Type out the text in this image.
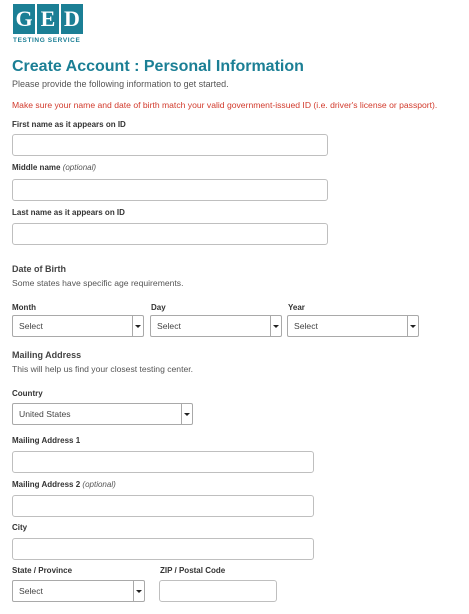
G E D
TESTING SERVICE
Create Account : Personal Information
Please provide the following information to get started.
Make sure your name and date of birth match your valid government-issued ID (i.e. driver's license or passport).
First name as it appears on ID
Middle name (optional)
Last name as it appears on ID
Date of Birth
Some states have specific age requirements.
Month
Select
Day
Select
Year
Select
Mailing Address
This will help us find your closest testing center.
Country
United States
Mailing Address 1
Mailing Address 2 (optional)
City
State / Province
Select
ZIP / Postal Code
